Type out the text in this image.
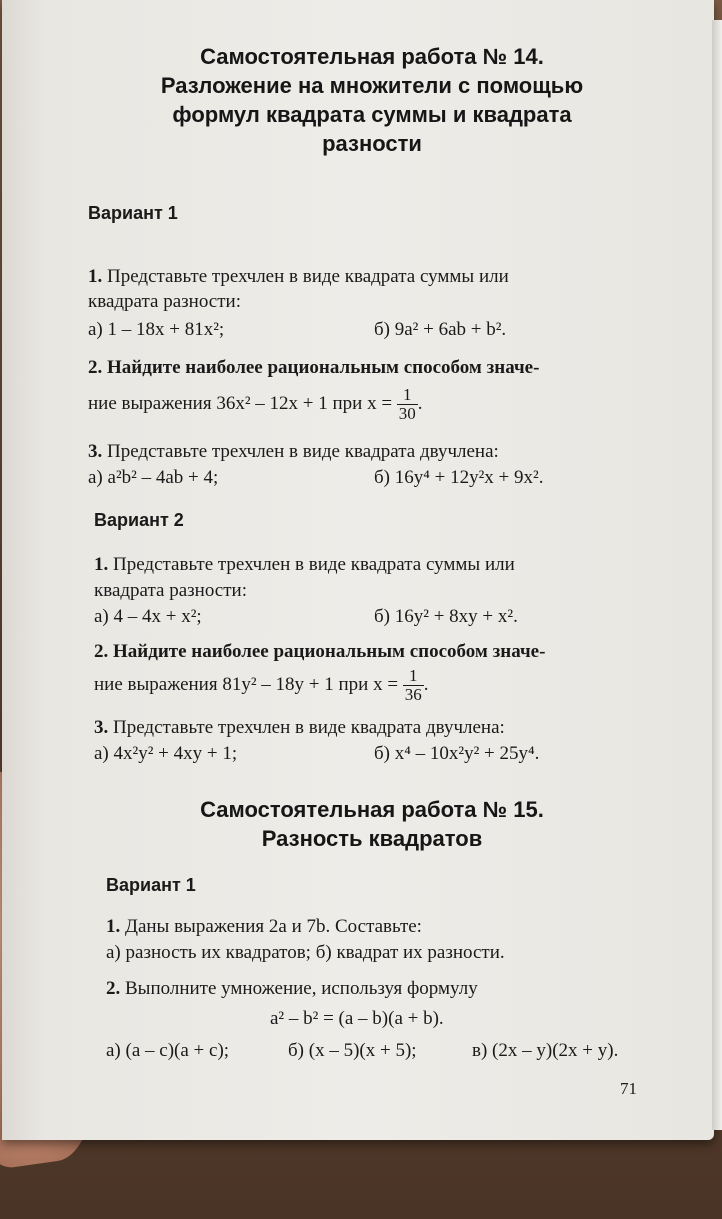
Самостоятельная работа № 14.
Разложение на множители с помощью
формул квадрата суммы и квадрата
разности
Вариант 1
1. Представьте трехчлен в виде квадрата суммы или
квадрата разности:
а) 1 – 18x + 81x²;	б) 9a² + 6ab + b².
2. Найдите наиболее рациональным способом значе-
ние выражения 36x² – 12x + 1 при $x = \frac{1}{30}$ .
3. Представьте трехчлен в виде квадрата двучлена:
а) a²b² – 4ab + 4;	б) 16y⁴ + 12y²x + 9x².
Вариант 2
1. Представьте трехчлен в виде квадрата суммы или
квадрата разности:
а) 4 – 4x + x²;	б) 16y² + 8xy + x².
2. Найдите наиболее рациональным способом значе-
ние выражения 81y² – 18y + 1 при $x = \frac{1}{36}$ .
3. Представьте трехчлен в виде квадрата двучлена:
а) 4x²y² + 4xy + 1;	б) x⁴ – 10x²y² + 25y⁴.
Самостоятельная работа № 15.
Разность квадратов
Вариант 1
1. Даны выражения 2a и 7b. Составьте:
а) разность их квадратов; б) квадрат их разности.
2. Выполните умножение, используя формулу
a² – b² = (a – b)(a + b).
а) (a – c)(a + c);	б) (x – 5)(x + 5);	в) (2x – y)(2x + y).
71
